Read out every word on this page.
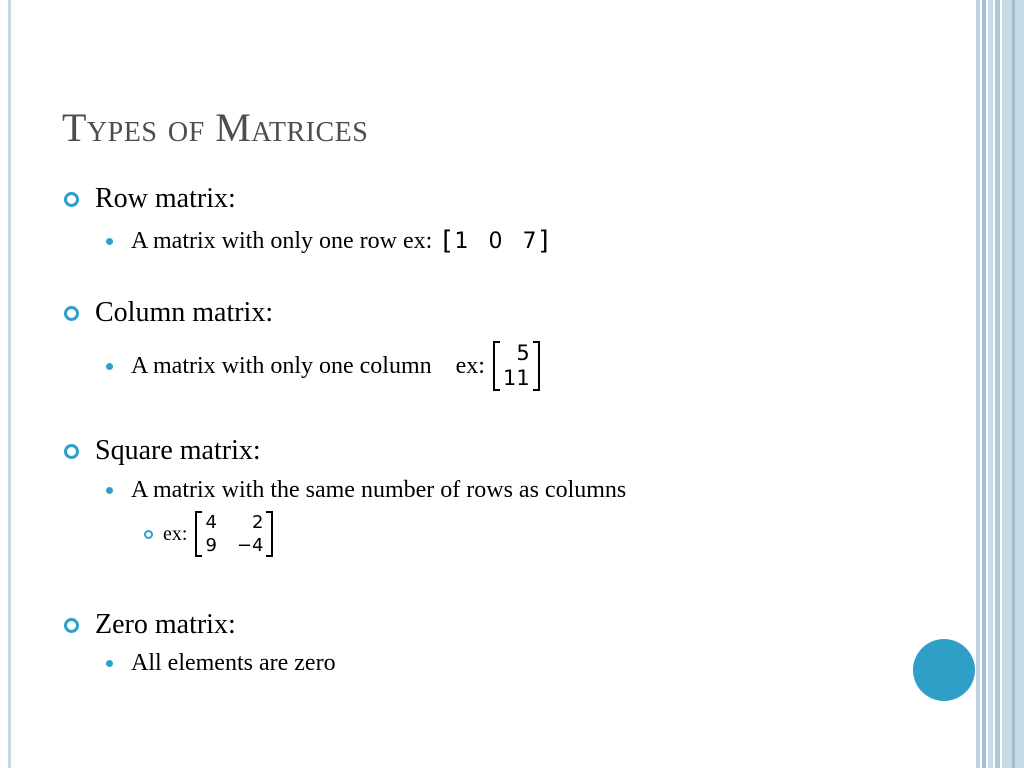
Types of Matrices
Row matrix:
A matrix with only one row ex: [ 1 0 7 ]
Column matrix:
A matrix with only one column    ex:	5
11
Square matrix:
A matrix with the same number of rows as columns
ex: 4	2
9 −4
Zero matrix:
All elements are zero
